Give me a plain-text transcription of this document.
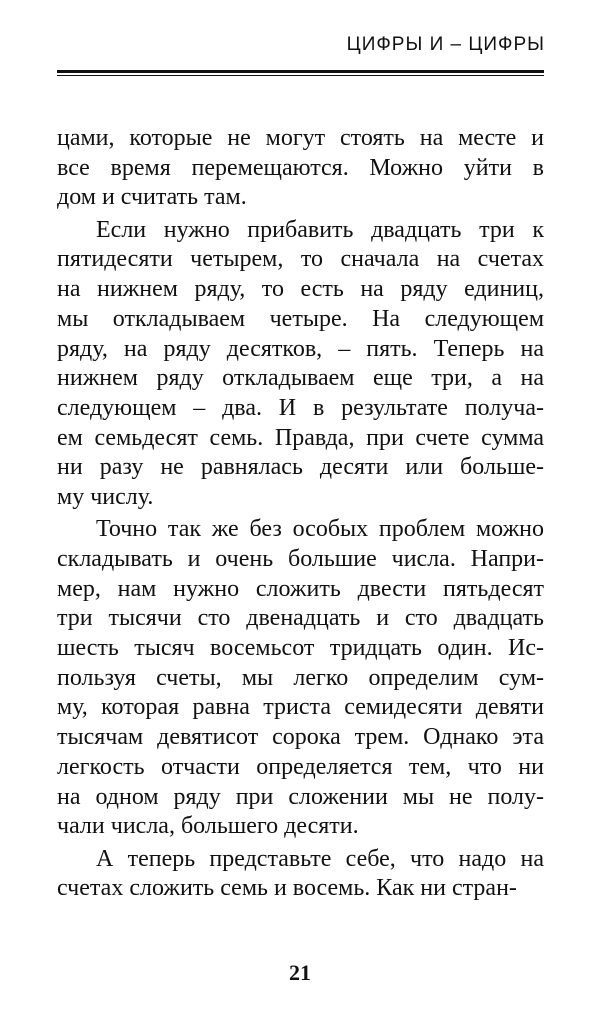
ЦИФРЫ И – ЦИФРЫ
цами, которые не могут стоять на месте и
все время перемещаются. Можно уйти в
дом и считать там.
Если нужно прибавить двадцать три к
пятидесяти четырем, то сначала на счетах
на нижнем ряду, то есть на ряду единиц,
мы откладываем четыре. На следующем
ряду, на ряду десятков, – пять. Теперь на
нижнем ряду откладываем еще три, а на
следующем – два. И в результате получа-
ем семьдесят семь. Правда, при счете сумма
ни разу не равнялась десяти или большe-
му числу.
Точно так же без особых проблем можно
складывать и очень большие числа. Напри-
мер, нам нужно сложить двести пятьдесят
три тысячи сто двенадцать и сто двадцать
шесть тысяч восемьсот тридцать один. Ис-
пользуя счеты, мы легко определим сум-
му, которая равна триста семидесяти девяти
тысячам девятисот сорока трем. Однако эта
легкость отчасти определяется тем, что ни
на одном ряду при сложении мы не полу-
чали числа, большего десяти.
А теперь представьте себе, что надо на
счетах сложить семь и восемь. Как ни стран-
21
